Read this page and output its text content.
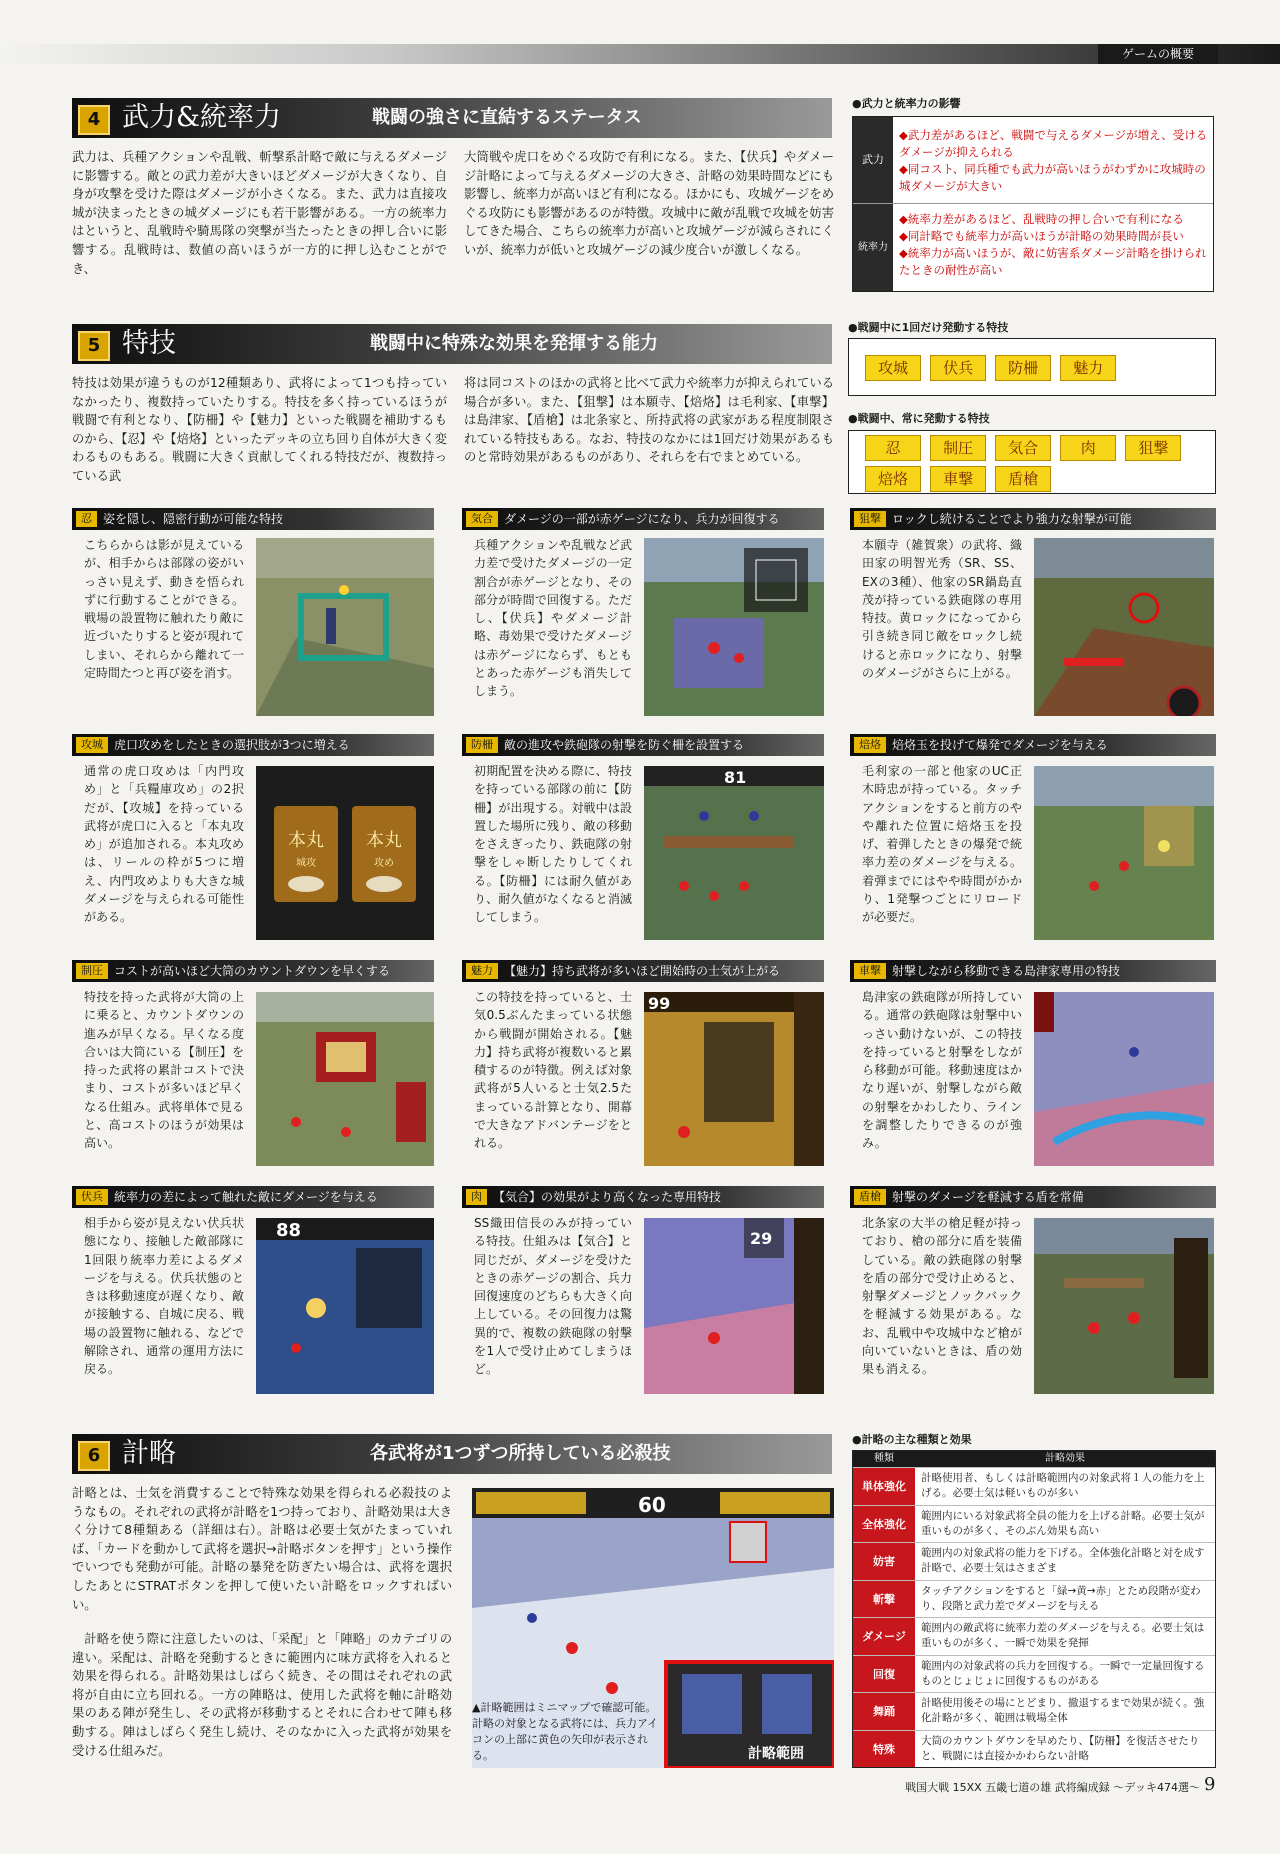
ゲームの概要
4 武力&統率力	戦闘の強さに直結するステータス
武力は、兵種アクションや乱戦、斬撃系計略で敵に与えるダメージに影響する。敵との武力差が大きいほどダメージが大きくなり、自身が攻撃を受けた際はダメージが小さくなる。また、武力は直接攻城が決まったときの城ダメージにも若干影響がある。一方の統率力はというと、乱戦時や騎馬隊の突撃が当たったときの押し合いに影響する。乱戦時は、数値の高いほうが一方的に押し込むことができ、
大筒戦や虎口をめぐる攻防で有利になる。また、【伏兵】やダメージ計略によって与えるダメージの大きさ、計略の効果時間などにも影響し、統率力が高いほど有利になる。ほかにも、攻城ゲージをめぐる攻防にも影響があるのが特徴。攻城中に敵が乱戦で攻城を妨害してきた場合、こちらの統率力が高いと攻城ゲージが減らされにくいが、統率力が低いと攻城ゲージの減少度合いが激しくなる。
●武力と統率力の影響
武力
◆武力差があるほど、戦闘で与えるダメージが増え、受けるダメージが抑えられる
◆同コスト、同兵種でも武力が高いほうがわずかに攻城時の城ダメージが大きい
統率力
◆統率力差があるほど、乱戦時の押し合いで有利になる
◆同計略でも統率力が高いほうが計略の効果時間が長い
◆統率力が高いほうが、敵に妨害系ダメージ計略を掛けられたときの耐性が高い
5 特技	戦闘中に特殊な効果を発揮する能力
特技は効果が違うものが12種類あり、武将によって1つも持っていなかったり、複数持っていたりする。特技を多く持っているほうが戦闘で有利となり、【防柵】や【魅力】といった戦闘を補助するものから、【忍】や【焙烙】といったデッキの立ち回り自体が大きく変わるものもある。戦闘に大きく貢献してくれる特技だが、複数持っている武
将は同コストのほかの武将と比べて武力や統率力が抑えられている場合が多い。また、【狙撃】は本願寺、【焙烙】は毛利家、【車撃】は島津家、【盾槍】は北条家と、所持武将の武家がある程度制限されている特技もある。なお、特技のなかには1回だけ効果があるものと常時効果があるものがあり、それらを右でまとめている。
●戦闘中に1回だけ発動する特技
攻城 伏兵 防柵 魅力
●戦闘中、常に発動する特技
忍	制圧 気合	肉	狙撃 焙烙 車撃 盾槍
忍 姿を隠し、隠密行動が可能な特技
こちらからは影が見えているが、相手からは部隊の姿がいっさい見えず、動きを悟られずに行動することができる。戦場の設置物に触れたり敵に近づいたりすると姿が現れてしまい、それらから離れて一定時間たつと再び姿を消す。
気合 ダメージの一部が赤ゲージになり、兵力が回復する
兵種アクションや乱戦など武力差で受けたダメージの一定割合が赤ゲージとなり、その部分が時間で回復する。ただし、【伏兵】やダメージ計略、毒効果で受けたダメージは赤ゲージにならず、もともとあった赤ゲージも消失してしまう。
狙撃 ロックし続けることでより強力な射撃が可能
本願寺（雑賀衆）の武将、織田家の明智光秀（SR、SS、EXの3種）、他家のSR鍋島直茂が持っている鉄砲隊の専用特技。黄ロックになってから引き続き同じ敵をロックし続けると赤ロックになり、射撃のダメージがさらに上がる。
攻城 虎口攻めをしたときの選択肢が3つに増える
通常の虎口攻めは「内門攻め」と「兵糧庫攻め」の2択だが、【攻城】を持っている武将が虎口に入ると「本丸攻め」が追加される。本丸攻めは、リールの枠が5つに増え、内門攻めよりも大きな城ダメージを与えられる可能性がある。
本丸
城攻
本丸
攻め
防柵 敵の進攻や鉄砲隊の射撃を防ぐ柵を設置する
初期配置を決める際に、特技を持っている部隊の前に【防柵】が出現する。対戦中は設置した場所に残り、敵の移動をさえぎったり、鉄砲隊の射撃をしゃ断したりしてくれる。【防柵】には耐久値があり、耐久値がなくなると消滅してしまう。
81
焙烙 焙烙玉を投げて爆発でダメージを与える
毛利家の一部と他家のUC正木時忠が持っている。タッチアクションをすると前方のやや離れた位置に焙烙玉を投げ、着弾したときの爆発で統率力差のダメージを与える。着弾までにはやや時間がかかり、1発撃つごとにリロードが必要だ。
制圧 コストが高いほど大筒のカウントダウンを早くする
特技を持った武将が大筒の上に乗ると、カウントダウンの進みが早くなる。早くなる度合いは大筒にいる【制圧】を持った武将の累計コストで決まり、コストが多いほど早くなる仕組み。武将単体で見ると、高コストのほうが効果は高い。
魅力 【魅力】持ち武将が多いほど開始時の士気が上がる
この特技を持っていると、士気0.5ぶんたまっている状態から戦闘が開始される。【魅力】持ち武将が複数いると累積するのが特徴。例えば対象武将が5人いると士気2.5たまっている計算となり、開幕で大きなアドバンテージをとれる。
99
車撃 射撃しながら移動できる島津家専用の特技
島津家の鉄砲隊が所持している。通常の鉄砲隊は射撃中いっさい動けないが、この特技を持っていると射撃をしながら移動が可能。移動速度はかなり遅いが、射撃しながら敵の射撃をかわしたり、ラインを調整したりできるのが強み。
伏兵 統率力の差によって触れた敵にダメージを与える
相手から姿が見えない伏兵状態になり、接触した敵部隊に1回限り統率力差によるダメージを与える。伏兵状態のときは移動速度が遅くなり、敵が接触する、自城に戻る、戦場の設置物に触れる、などで解除され、通常の運用方法に戻る。
88
肉 【気合】の効果がより高くなった専用特技
SS織田信長のみが持っている特技。仕組みは【気合】と同じだが、ダメージを受けたときの赤ゲージの割合、兵力回復速度のどちらも大きく向上している。その回復力は驚異的で、複数の鉄砲隊の射撃を1人で受け止めてしまうほど。
29
盾槍 射撃のダメージを軽減する盾を常備
北条家の大半の槍足軽が持っており、槍の部分に盾を装備している。敵の鉄砲隊の射撃を盾の部分で受け止めると、射撃ダメージとノックバックを軽減する効果がある。なお、乱戦中や攻城中など槍が向いていないときは、盾の効果も消える。
6 計略	各武将が1つずつ所持している必殺技
計略とは、士気を消費することで特殊な効果を得られる必殺技のようなもの。それぞれの武将が計略を1つ持っており、計略効果は大きく分けて8種類ある（詳細は右）。計略は必要士気がたまっていれば、「カードを動かして武将を選択→計略ボタンを押す」という操作でいつでも発動が可能。計略の暴発を防ぎたい場合は、武将を選択したあとにSTRATボタンを押して使いたい計略をロックすればいい。
計略を使う際に注意したいのは、「采配」と「陣略」のカテゴリの違い。采配は、計略を発動するときに範囲内に味方武将を入れると効果を得られる。計略効果はしばらく続き、その間はそれぞれの武将が自由に立ち回れる。一方の陣略は、使用した武将を軸に計略効果のある陣が発生し、その武将が移動するとそれに合わせて陣も移動する。陣はしばらく発生し続け、そのなかに入った武将が効果を受ける仕組みだ。
60
計略範囲
▲計略範囲はミニマップで確認可能。計略の対象となる武将には、兵力アイコンの上部に黄色の矢印が表示される。
●計略の主な種類と効果
種類	計略効果
単体強化
計略使用者、もしくは計略範囲内の対象武将１人の能力を上げる。必要士気は軽いものが多い
全体強化
範囲内にいる対象武将全員の能力を上げる計略。必要士気が重いものが多く、そのぶん効果も高い
妨害
範囲内の対象武将の能力を下げる。全体強化計略と対を成す計略で、必要士気はさまざま
斬撃
タッチアクションをすると「緑→黄→赤」とため段階が変わり、段階と武力差でダメージを与える
ダメージ
範囲内の敵武将に統率力差のダメージを与える。必要士気は重いものが多く、一瞬で効果を発揮
回復
範囲内の対象武将の兵力を回復する。一瞬で一定量回復するものとじょじょに回復するものがある
舞踊
計略使用後その場にとどまり、撤退するまで効果が続く。強化計略が多く、範囲は戦場全体
特殊
大筒のカウントダウンを早めたり、【防柵】を復活させたりと、戦闘には直接かかわらない計略
戦国大戦 15XX 五畿七道の雄 武将編成録 〜デッキ474選〜 9
